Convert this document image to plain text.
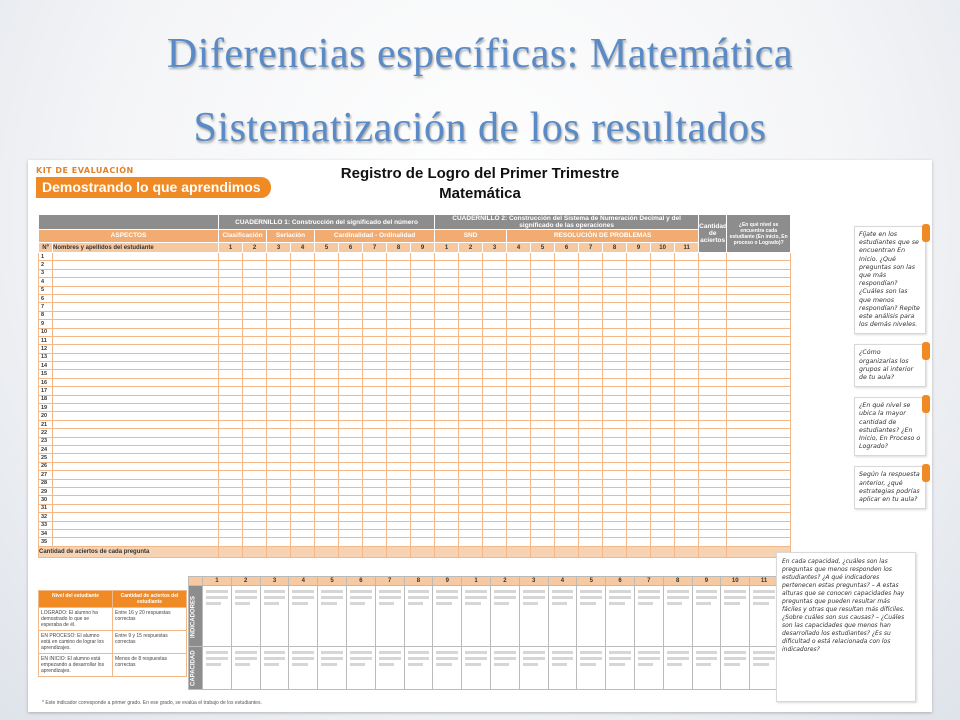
Diferencias específicas: Matemática
Sistematización de los resultados
KIT DE EVALUACIÓN
Demostrando lo que aprendimos
Registro de Logro del Primer Trimestre
Matemática
		CUADERNILLO 1: Construcción del significado del número									CUADERNILLO 2: Construcción del Sistema de Numeración Decimal y del significado de las operaciones											Cantidad de aciertos	¿En qué nivel se encuentra cada estudiante (En inicio, En proceso o Logrado)?
ASPECTOS		Clasificación		Seriación		Cardinalidad - Ordinalidad					SND			RESOLUCIÓN DE PROBLEMAS									
Nº	Nombres y apellidos del estudiante	1	2	3	4	5	6	7	8	9	1	2	3	4	5	6	7	8	9	10	11		
1																							
2																							
3																							
4																							
5																							
6																							
7																							
8																							
9																							
10																							
11																							
12																							
13																							
14																							
15																							
16																							
17																							
18																							
19																							
20																							
21																							
22																							
23																							
24																							
25																							
26																							
27																							
28																							
29																							
30																							
31																							
32																							
33																							
34																							
35																							
Cantidad de aciertos de cada pregunta																							
Fíjate en los estudiantes que se encuentran En Inicio. ¿Qué preguntas son las que más respondían? ¿Cuáles son las que menos respondían? Repite este análisis para los demás niveles.
¿Cómo organizarías los grupos al interior de tu aula?
¿En qué nivel se ubica la mayor cantidad de estudiantes? ¿En Inicio, En Proceso o Logrado?
Según la respuesta anterior, ¿qué estrategias podrías aplicar en tu aula?
Nivel del estudiante	Cantidad de aciertos del estudiante
LOGRADO: El alumno ha demostrado lo que se esperaba de él.	Entre 16 y 20 respuestas correctas
EN PROCESO: El alumno está en camino de lograr los aprendizajes.	Entre 9 y 15 respuestas correctas
EN INICIO: El alumno está empezando a desarrollar los aprendizajes.	Menos de 8 respuestas correctas
	1	2	3	4	5	6	7	8	9	1	2	3	4	5	6	7	8	9	10	11
INDICADORES	

CAPACIDAD	

En cada capacidad, ¿cuáles son las preguntas que menos responden los estudiantes? ¿A qué indicadores pertenecen estas preguntas? – A estas alturas que se conocen capacidades hay preguntas que pueden resultar más fáciles y otras que resultan más difíciles. ¿Sobre cuáles son sus causas? – ¿Cuáles son las capacidades que menos han desarrollado los estudiantes? ¿Es su dificultad o está relacionada con los indicadores?
* Este indicador corresponde a primer grado. En ese grado, se evalúa el trabajo de los estudiantes.
